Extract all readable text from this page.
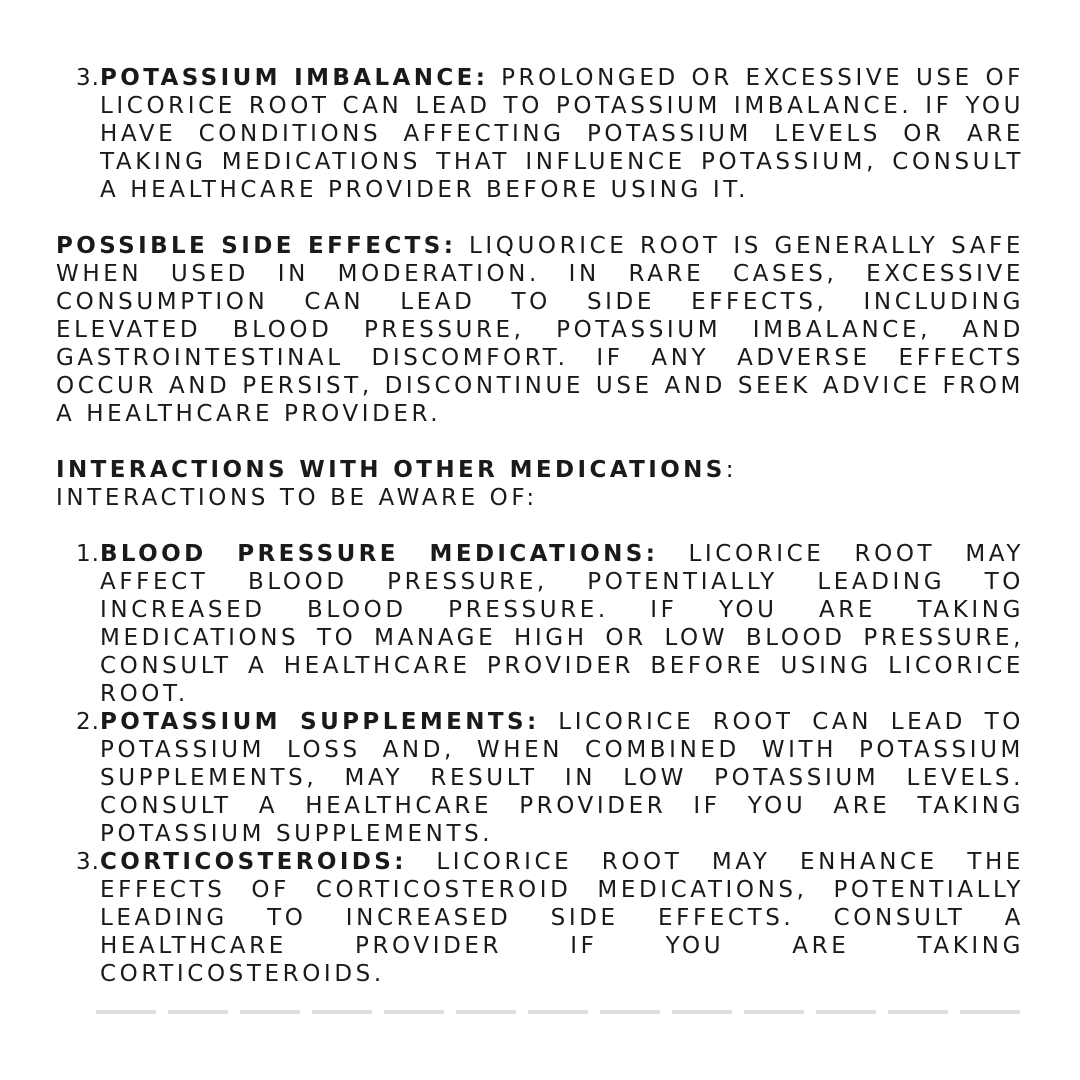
3. POTASSIUM IMBALANCE: PROLONGED OR EXCESSIVE USE OF LICORICE ROOT CAN LEAD TO POTASSIUM IMBALANCE. IF YOU HAVE CONDITIONS AFFECTING POTASSIUM LEVELS OR ARE TAKING MEDICATIONS THAT INFLUENCE POTASSIUM, CONSULT A HEALTHCARE PROVIDER BEFORE USING IT.

POSSIBLE SIDE EFFECTS: LIQUORICE ROOT IS GENERALLY SAFE WHEN USED IN MODERATION. IN RARE CASES, EXCESSIVE CONSUMPTION CAN LEAD TO SIDE EFFECTS, INCLUDING ELEVATED BLOOD PRESSURE, POTASSIUM IMBALANCE, AND GASTROINTESTINAL DISCOMFORT. IF ANY ADVERSE EFFECTS OCCUR AND PERSIST, DISCONTINUE USE AND SEEK ADVICE FROM A HEALTHCARE PROVIDER.

INTERACTIONS WITH OTHER MEDICATIONS:
INTERACTIONS TO BE AWARE OF:

1. BLOOD PRESSURE MEDICATIONS: LICORICE ROOT MAY AFFECT BLOOD PRESSURE, POTENTIALLY LEADING TO INCREASED BLOOD PRESSURE. IF YOU ARE TAKING MEDICATIONS TO MANAGE HIGH OR LOW BLOOD PRESSURE, CONSULT A HEALTHCARE PROVIDER BEFORE USING LICORICE ROOT.

2. POTASSIUM SUPPLEMENTS: LICORICE ROOT CAN LEAD TO POTASSIUM LOSS AND, WHEN COMBINED WITH POTASSIUM SUPPLEMENTS, MAY RESULT IN LOW POTASSIUM LEVELS. CONSULT A HEALTHCARE PROVIDER IF YOU ARE TAKING POTASSIUM SUPPLEMENTS.

3. CORTICOSTEROIDS: LICORICE ROOT MAY ENHANCE THE EFFECTS OF CORTICOSTEROID MEDICATIONS, POTENTIALLY LEADING TO INCREASED SIDE EFFECTS. CONSULT A HEALTHCARE PROVIDER IF YOU ARE TAKING CORTICOSTEROIDS.
